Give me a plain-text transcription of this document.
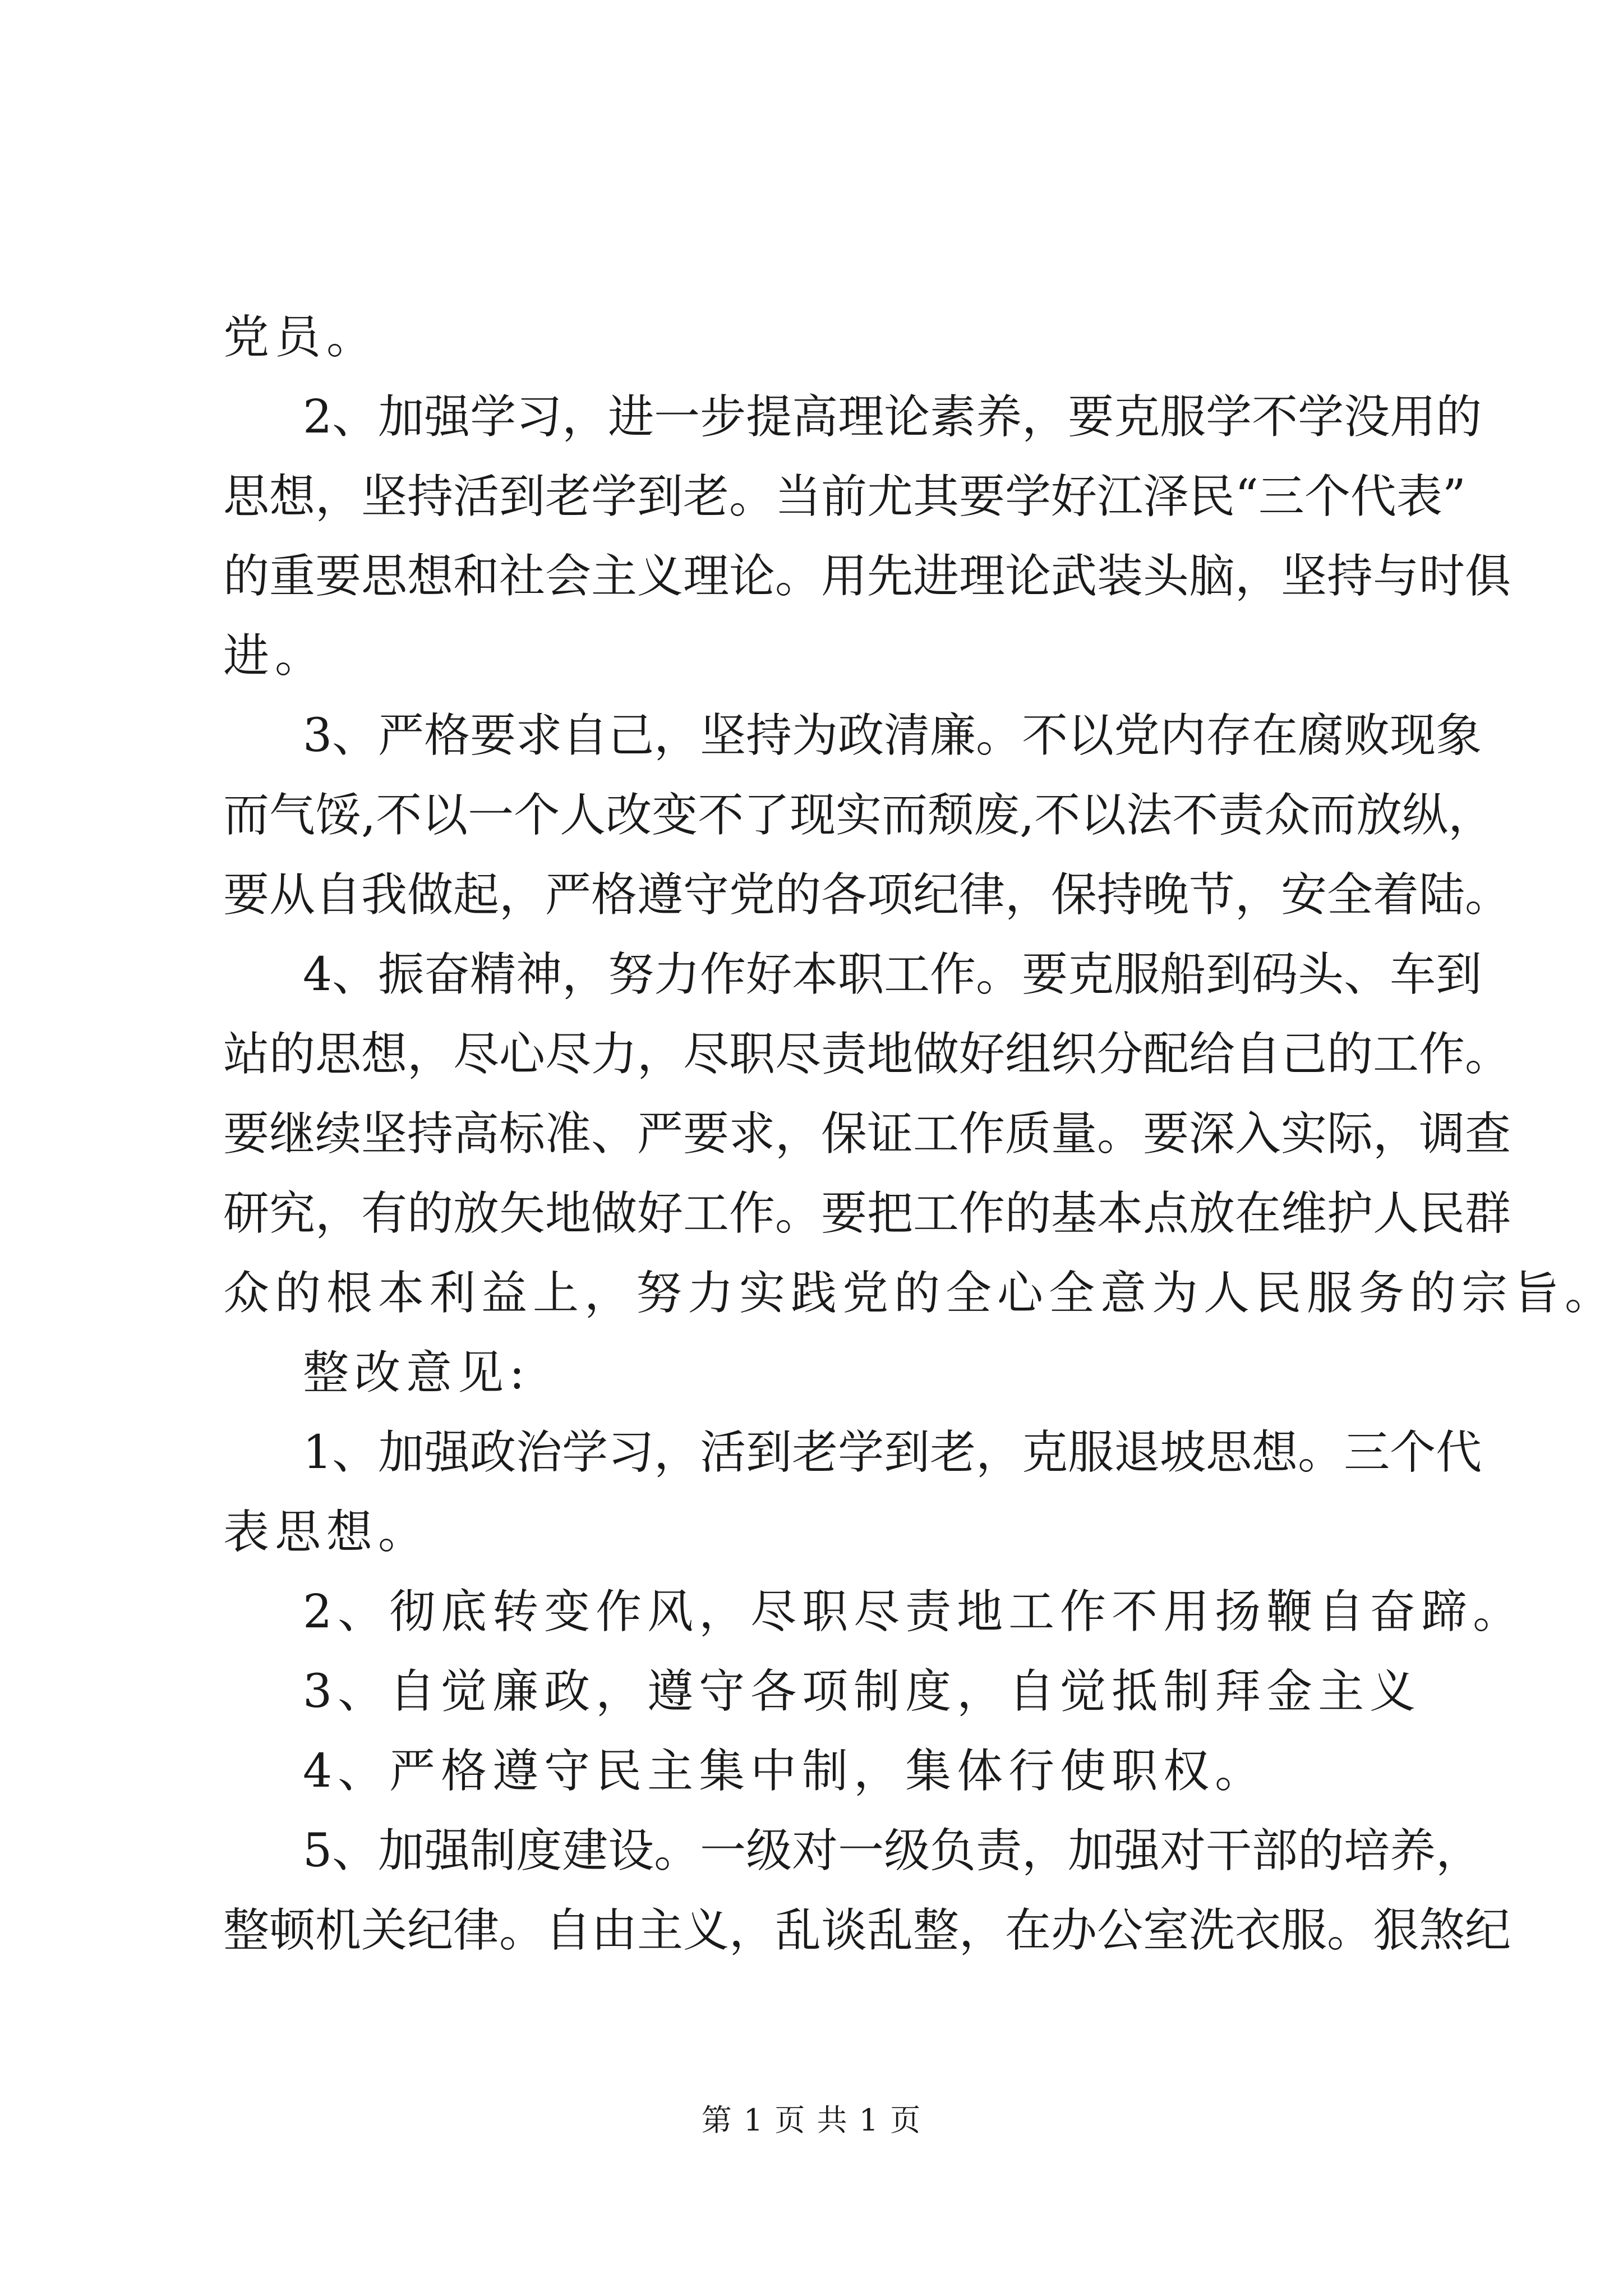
党员。
2、加强学习，进一步提高理论素养，要克服学不学没用的
思想，坚持活到老学到老。当前尤其要学好江泽民“三个代表”
的重要思想和社会主义理论。用先进理论武装头脑，坚持与时俱
进。
3、严格要求自己，坚持为政清廉。不以党内存在腐败现象
而气馁,不以一个人改变不了现实而颓废,不以法不责众而放纵，
要从自我做起，严格遵守党的各项纪律，保持晚节，安全着陆。
4、振奋精神，努力作好本职工作。要克服船到码头、车到
站的思想，尽心尽力，尽职尽责地做好组织分配给自己的工作。
要继续坚持高标准、严要求，保证工作质量。要深入实际，调查
研究，有的放矢地做好工作。要把工作的基本点放在维护人民群
众的根本利益上，努力实践党的全心全意为人民服务的宗旨。
整改意见:
1、加强政治学习，活到老学到老，克服退坡思想。三个代
表思想。
2、彻底转变作风，尽职尽责地工作不用扬鞭自奋蹄。
3、自觉廉政，遵守各项制度，自觉抵制拜金主义
4、严格遵守民主集中制，集体行使职权。
5、加强制度建设。一级对一级负责，加强对干部的培养，
整顿机关纪律。自由主义，乱谈乱整，在办公室洗衣服。狠煞纪
第 1 页 共 1 页
